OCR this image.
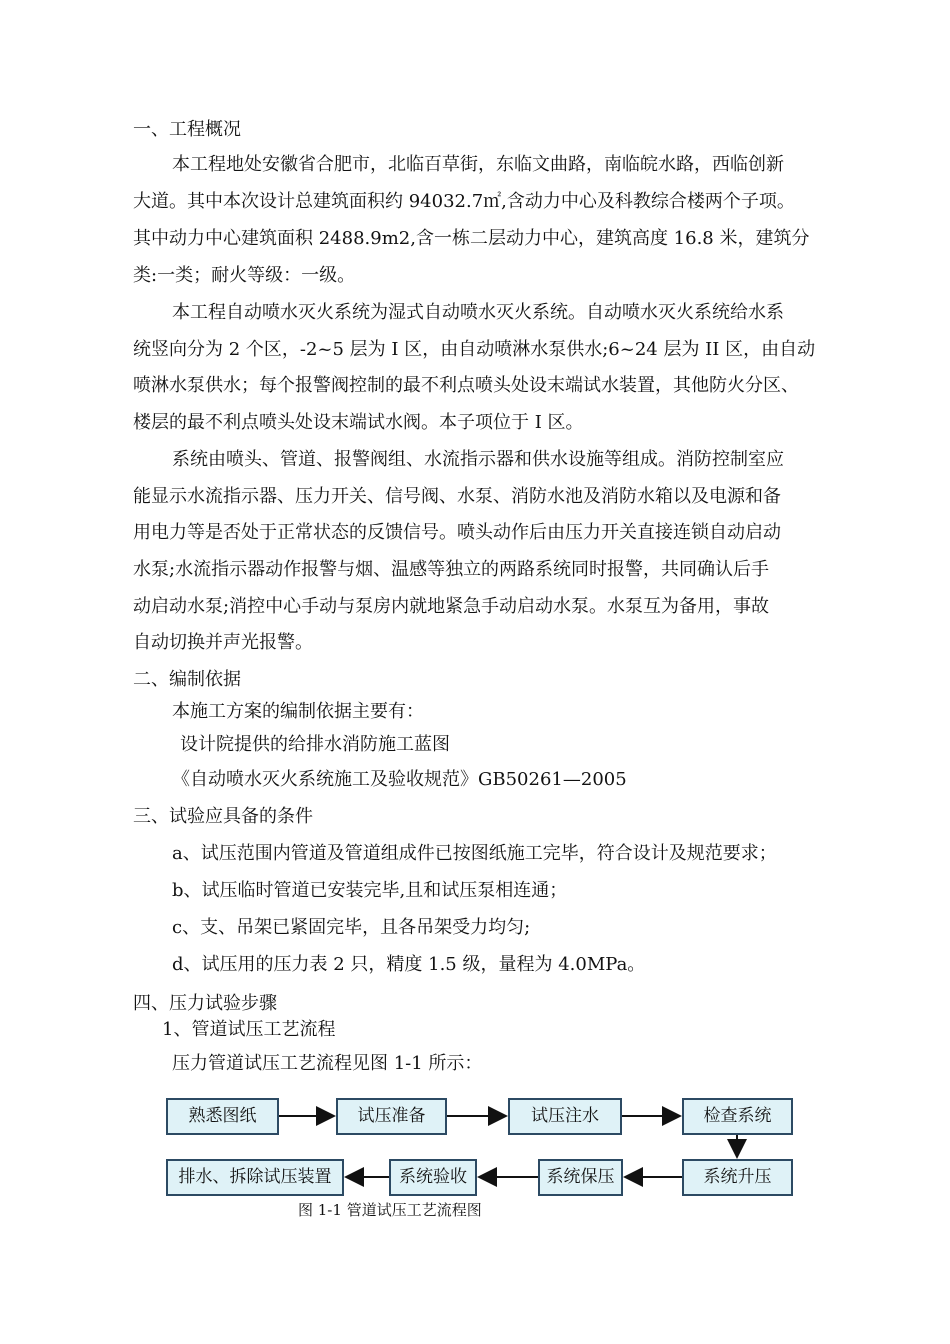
一、工程概况
本工程地处安徽省合肥市，北临百草街，东临文曲路，南临皖水路，西临创新
大道。其中本次设计总建筑面积约 94032.7㎡,含动力中心及科教综合楼两个子项。
其中动力中心建筑面积 2488.9m2,含一栋二层动力中心，建筑高度 16.8 米，建筑分
类:一类；耐火等级：一级。
本工程自动喷水灭火系统为湿式自动喷水灭火系统。自动喷水灭火系统给水系
统竖向分为 2 个区，-2~5 层为 I 区，由自动喷淋水泵供水;6~24 层为 II 区，由自动
喷淋水泵供水；每个报警阀控制的最不利点喷头处设末端试水装置，其他防火分区、
楼层的最不利点喷头处设末端试水阀。本子项位于 I 区。
系统由喷头、管道、报警阀组、水流指示器和供水设施等组成。消防控制室应
能显示水流指示器、压力开关、信号阀、水泵、消防水池及消防水箱以及电源和备
用电力等是否处于正常状态的反馈信号。喷头动作后由压力开关直接连锁自动启动
水泵;水流指示器动作报警与烟、温感等独立的两路系统同时报警，共同确认后手
动启动水泵;消控中心手动与泵房内就地紧急手动启动水泵。水泵互为备用，事故
自动切换并声光报警。
二、编制依据
本施工方案的编制依据主要有：
设计院提供的给排水消防施工蓝图
《自动喷水灭火系统施工及验收规范》GB50261—2005
三、试验应具备的条件
a、试压范围内管道及管道组成件已按图纸施工完毕，符合设计及规范要求；
b、试压临时管道已安装完毕,且和试压泵相连通；
c、支、吊架已紧固完毕，且各吊架受力均匀;
d、试压用的压力表 2 只，精度 1.5 级，量程为 4.0MPa。
四、压力试验步骤
1、管道试压工艺流程
压力管道试压工艺流程见图 1-1 所示：
熟悉图纸	试压准备	试压注水	检查系统
系统升压
系统保压
系统验收
排水、拆除试压装置
图 1-1 管道试压工艺流程图
